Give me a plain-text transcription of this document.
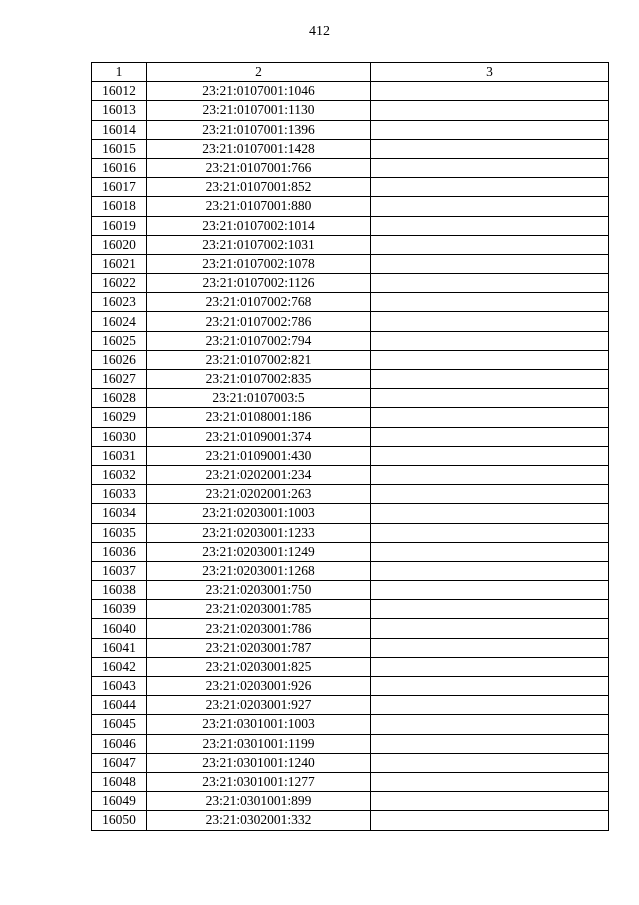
412
1	2	3
16012	23:21:0107001:1046	
16013	23:21:0107001:1130	
16014	23:21:0107001:1396	
16015	23:21:0107001:1428	
16016	23:21:0107001:766	
16017	23:21:0107001:852	
16018	23:21:0107001:880	
16019	23:21:0107002:1014	
16020	23:21:0107002:1031	
16021	23:21:0107002:1078	
16022	23:21:0107002:1126	
16023	23:21:0107002:768	
16024	23:21:0107002:786	
16025	23:21:0107002:794	
16026	23:21:0107002:821	
16027	23:21:0107002:835	
16028	23:21:0107003:5	
16029	23:21:0108001:186	
16030	23:21:0109001:374	
16031	23:21:0109001:430	
16032	23:21:0202001:234	
16033	23:21:0202001:263	
16034	23:21:0203001:1003	
16035	23:21:0203001:1233	
16036	23:21:0203001:1249	
16037	23:21:0203001:1268	
16038	23:21:0203001:750	
16039	23:21:0203001:785	
16040	23:21:0203001:786	
16041	23:21:0203001:787	
16042	23:21:0203001:825	
16043	23:21:0203001:926	
16044	23:21:0203001:927	
16045	23:21:0301001:1003	
16046	23:21:0301001:1199	
16047	23:21:0301001:1240	
16048	23:21:0301001:1277	
16049	23:21:0301001:899	
16050	23:21:0302001:332	
